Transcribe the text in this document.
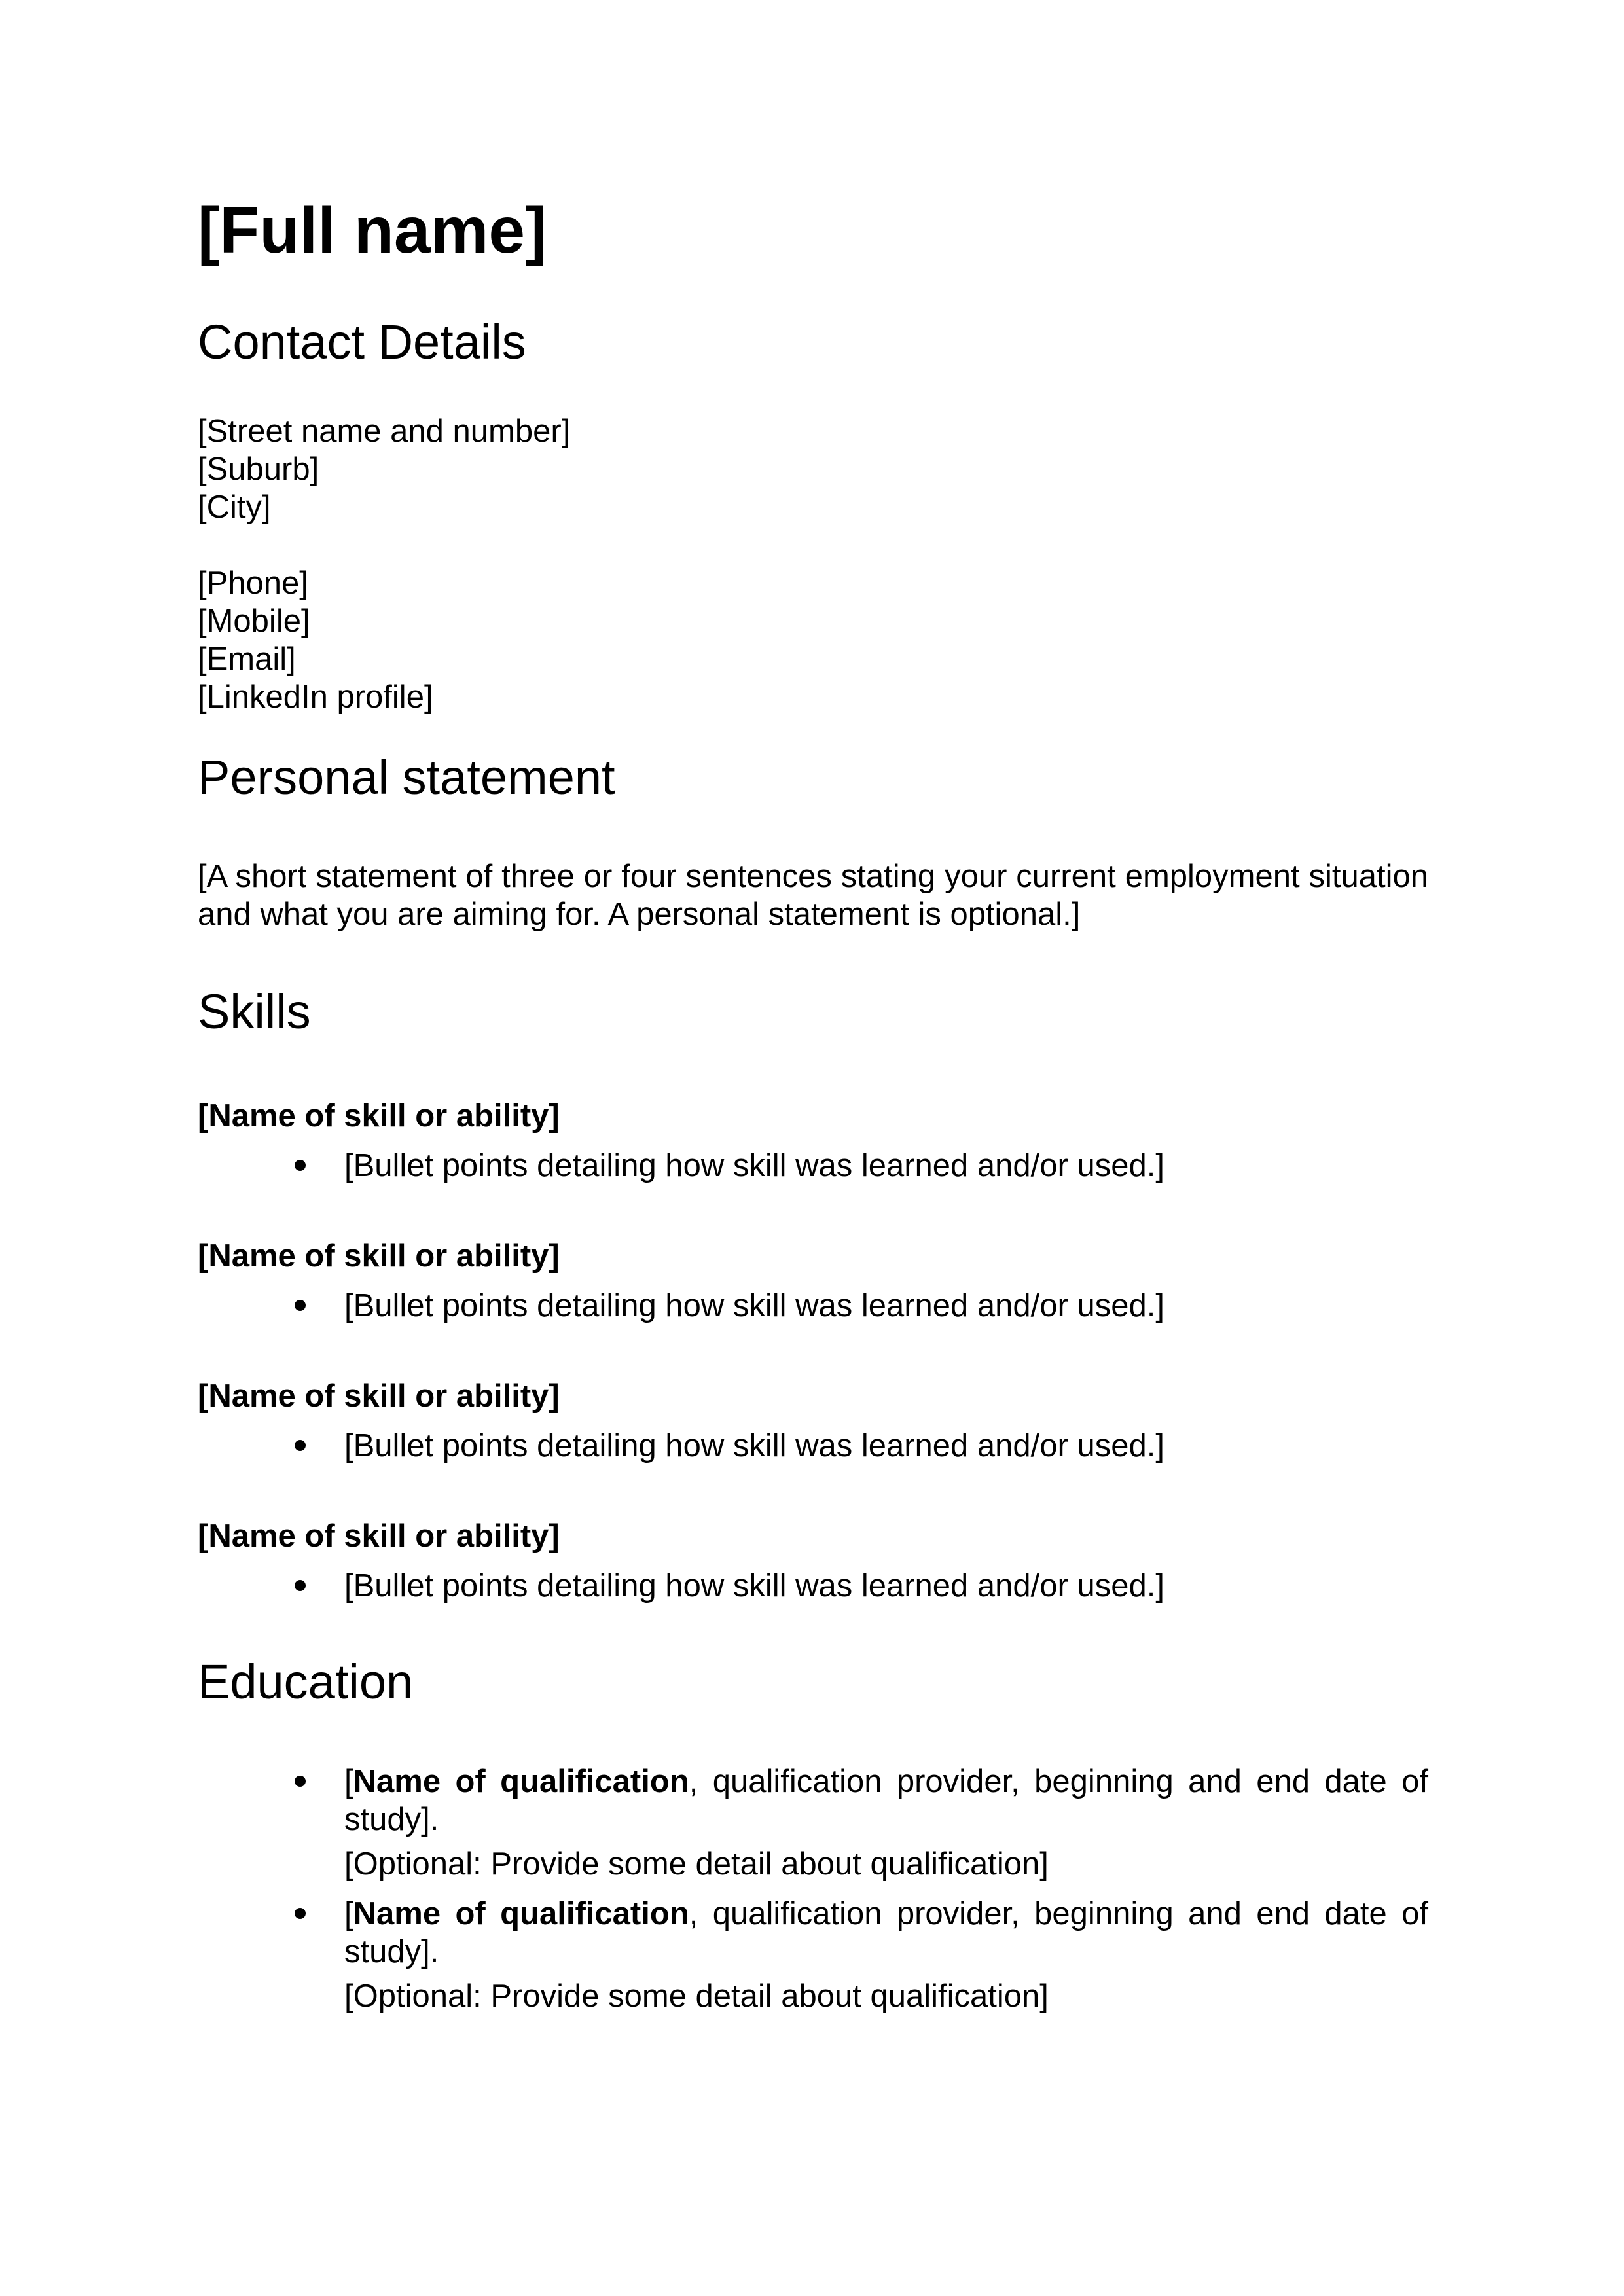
[Full name]
Contact Details
[Street name and number]
[Suburb]
[City]
[Phone]
[Mobile]
[Email]
[LinkedIn profile]
Personal statement
[A short statement of three or four sentences stating your current employment situation and what you are aiming for. A personal statement is optional.]
Skills
[Name of skill or ability]
[Bullet points detailing how skill was learned and/or used.]
[Name of skill or ability]
[Bullet points detailing how skill was learned and/or used.]
[Name of skill or ability]
[Bullet points detailing how skill was learned and/or used.]
[Name of skill or ability]
[Bullet points detailing how skill was learned and/or used.]
Education
[Name of qualification, qualification provider, beginning and end date of study].
[Optional: Provide some detail about qualification]
[Name of qualification, qualification provider, beginning and end date of study].
[Optional: Provide some detail about qualification]
